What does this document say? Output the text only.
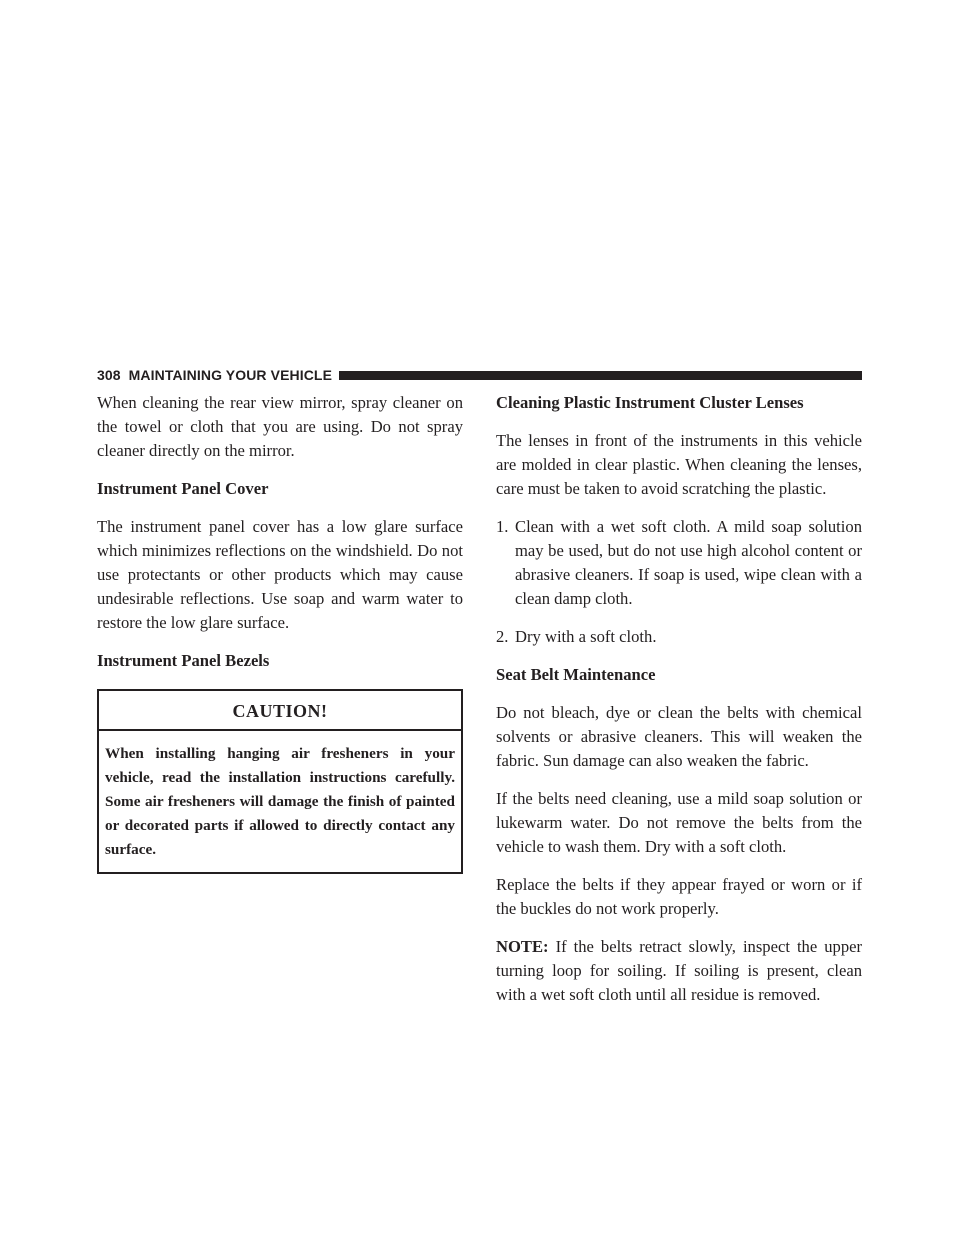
308 MAINTAINING YOUR VEHICLE

When cleaning the rear view mirror, spray cleaner on the towel or cloth that you are using. Do not spray cleaner directly on the mirror.

Instrument Panel Cover

The instrument panel cover has a low glare surface which minimizes reflections on the windshield. Do not use protectants or other products which may cause undesirable reflections. Use soap and warm water to restore the low glare surface.

Instrument Panel Bezels
CAUTION!

When installing hanging air fresheners in your vehicle, read the installation instructions carefully. Some air fresheners will damage the finish of painted or decorated parts if allowed to directly contact any surface.

Cleaning Plastic Instrument Cluster Lenses

The lenses in front of the instruments in this vehicle are molded in clear plastic. When cleaning the lenses, care must be taken to avoid scratching the plastic.

1. Clean with a wet soft cloth. A mild soap solution may be used, but do not use high alcohol content or abrasive cleaners. If soap is used, wipe clean with a clean damp cloth.
2. Dry with a soft cloth.
Seat Belt Maintenance

Do not bleach, dye or clean the belts with chemical solvents or abrasive cleaners. This will weaken the fabric. Sun damage can also weaken the fabric.

If the belts need cleaning, use a mild soap solution or lukewarm water. Do not remove the belts from the vehicle to wash them. Dry with a soft cloth.

Replace the belts if they appear frayed or worn or if the buckles do not work properly.

NOTE: If the belts retract slowly, inspect the upper turning loop for soiling. If soiling is present, clean with a wet soft cloth until all residue is removed.
